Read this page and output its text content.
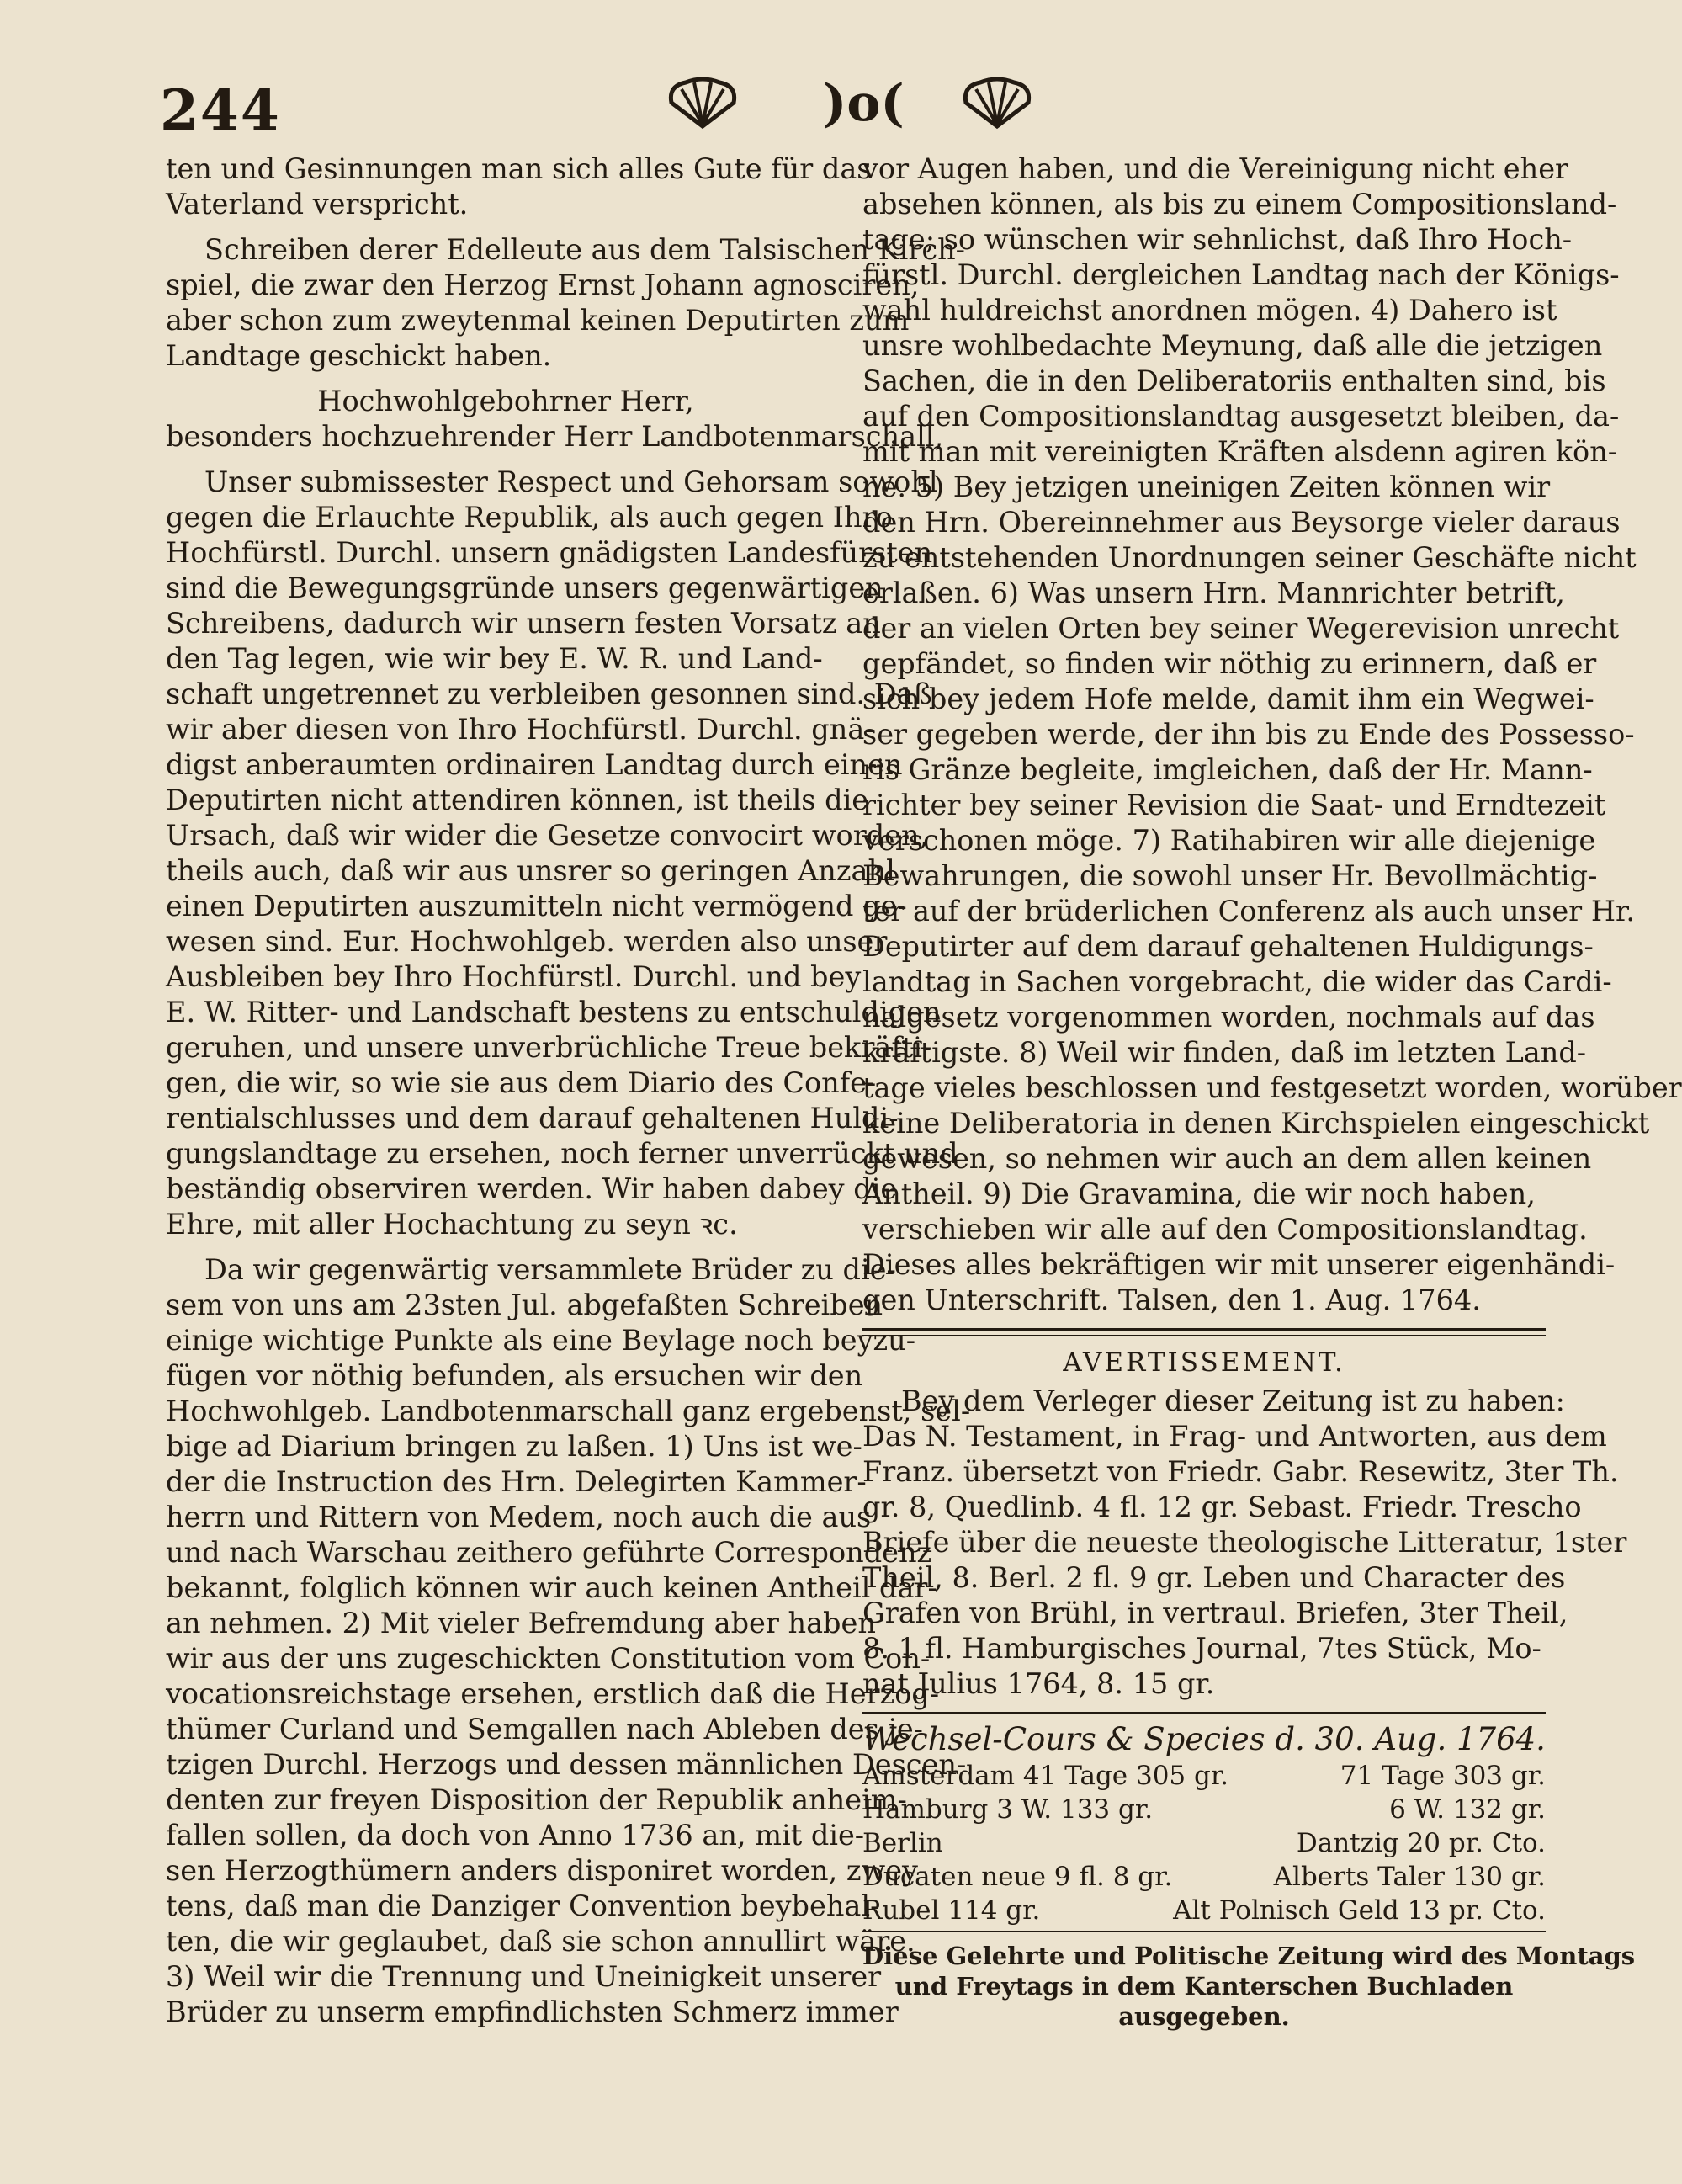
244	)o(
ten und Gesinnungen man sich alles Gute für das
Vaterland verspricht.
Schreiben derer Edelleute aus dem Talsischen Kirch-
spiel, die zwar den Herzog Ernst Johann agnosciren,
aber schon zum zweytenmal keinen Deputirten zum
Landtage geschickt haben.
Hochwohlgebohrner Herr,
besonders hochzuehrender Herr Landbotenmarschall,
Unser submissester Respect und Gehorsam sowohl
gegen die Erlauchte Republik, als auch gegen Ihro
Hochfürstl. Durchl. unsern gnädigsten Landesfürsten
sind die Bewegungsgründe unsers gegenwärtigen
Schreibens, dadurch wir unsern festen Vorsatz an
den Tag legen, wie wir bey E. W. R. und Land-
schaft ungetrennet zu verbleiben gesonnen sind. Daß
wir aber diesen von Ihro Hochfürstl. Durchl. gnä-
digst anberaumten ordinairen Landtag durch einen
Deputirten nicht attendiren können, ist theils die
Ursach, daß wir wider die Gesetze convocirt worden,
theils auch, daß wir aus unsrer so geringen Anzahl
einen Deputirten auszumitteln nicht vermögend ge-
wesen sind. Eur. Hochwohlgeb. werden also unser
Ausbleiben bey Ihro Hochfürstl. Durchl. und bey
E. W. Ritter- und Landschaft bestens zu entschuldigen
geruhen, und unsere unverbrüchliche Treue bekräfti-
gen, die wir, so wie sie aus dem Diario des Confe-
rentialschlusses und dem darauf gehaltenen Huldi-
gungslandtage zu ersehen, noch ferner unverrückt und
beständig observiren werden. Wir haben dabey die
Ehre, mit aller Hochachtung zu seyn ꝛc.
Da wir gegenwärtig versammlete Brüder zu die-
sem von uns am 23sten Jul. abgefaßten Schreiben
einige wichtige Punkte als eine Beylage noch beyzu-
fügen vor nöthig befunden, als ersuchen wir den
Hochwohlgeb. Landbotenmarschall ganz ergebenst, sel-
bige ad Diarium bringen zu laßen. 1) Uns ist we-
der die Instruction des Hrn. Delegirten Kammer-
herrn und Rittern von Medem, noch auch die aus
und nach Warschau zeithero geführte Correspondenz
bekannt, folglich können wir auch keinen Antheil dar-
an nehmen. 2) Mit vieler Befremdung aber haben
wir aus der uns zugeschickten Constitution vom Con-
vocationsreichstage ersehen, erstlich daß die Herzog-
thümer Curland und Semgallen nach Ableben des je-
tzigen Durchl. Herzogs und dessen männlichen Descen-
denten zur freyen Disposition der Republik anheim-
fallen sollen, da doch von Anno 1736 an, mit die-
sen Herzogthümern anders disponiret worden, zwey-
tens, daß man die Danziger Convention beybehal-
ten, die wir geglaubet, daß sie schon annullirt wäre.
3) Weil wir die Trennung und Uneinigkeit unserer
Brüder zu unserm empfindlichsten Schmerz immer
vor Augen haben, und die Vereinigung nicht eher
absehen können, als bis zu einem Compositionsland-
tage; so wünschen wir sehnlichst, daß Ihro Hoch-
fürstl. Durchl. dergleichen Landtag nach der Königs-
wahl huldreichst anordnen mögen. 4) Dahero ist
unsre wohlbedachte Meynung, daß alle die jetzigen
Sachen, die in den Deliberatoriis enthalten sind, bis
auf den Compositionslandtag ausgesetzt bleiben, da-
mit man mit vereinigten Kräften alsdenn agiren kön-
ne. 5) Bey jetzigen uneinigen Zeiten können wir
den Hrn. Obereinnehmer aus Beysorge vieler daraus
zu entstehenden Unordnungen seiner Geschäfte nicht
erlaßen. 6) Was unsern Hrn. Mannrichter betrift,
der an vielen Orten bey seiner Wegerevision unrecht
gepfändet, so finden wir nöthig zu erinnern, daß er
sich bey jedem Hofe melde, damit ihm ein Wegwei-
ser gegeben werde, der ihn bis zu Ende des Possesso-
ris Gränze begleite, imgleichen, daß der Hr. Mann-
richter bey seiner Revision die Saat- und Erndtezeit
verschonen möge. 7) Ratihabiren wir alle diejenige
Bewahrungen, die sowohl unser Hr. Bevollmächtig-
ter auf der brüderlichen Conferenz als auch unser Hr.
Deputirter auf dem darauf gehaltenen Huldigungs-
landtag in Sachen vorgebracht, die wider das Cardi-
nalgesetz vorgenommen worden, nochmals auf das
kräftigste. 8) Weil wir finden, daß im letzten Land-
tage vieles beschlossen und festgesetzt worden, worüber
keine Deliberatoria in denen Kirchspielen eingeschickt
gewesen, so nehmen wir auch an dem allen keinen
Antheil. 9) Die Gravamina, die wir noch haben,
verschieben wir alle auf den Compositionslandtag.
Dieses alles bekräftigen wir mit unserer eigenhändi-
gen Unterschrift. Talsen, den 1. Aug. 1764.
AVERTISSEMENT.
Bey dem Verleger dieser Zeitung ist zu haben:
Das N. Testament, in Frag- und Antworten, aus dem
Franz. übersetzt von Friedr. Gabr. Resewitz, 3ter Th.
gr. 8, Quedlinb. 4 fl. 12 gr. Sebast. Friedr. Trescho
Briefe über die neueste theologische Litteratur, 1ster
Theil, 8. Berl. 2 fl. 9 gr. Leben und Character des
Grafen von Brühl, in vertraul. Briefen, 3ter Theil,
8. 1 fl. Hamburgisches Journal, 7tes Stück, Mo-
nat Julius 1764, 8. 15 gr.
Wechsel-Cours & Species d. 30. Aug. 1764.
Amsterdam 41 Tage 305 gr.	71 Tage 303 gr.
Hamburg 3 W. 133 gr.	6 W. 132 gr.
Berlin	Dantzig 20 pr. Cto.
Ducaten neue 9 fl. 8 gr.	Alberts Taler 130 gr.
Rubel 114 gr.	Alt Polnisch Geld 13 pr. Cto.
Diese Gelehrte und Politische Zeitung wird des Montags
und Freytags in dem Kanterschen Buchladen
ausgegeben.
